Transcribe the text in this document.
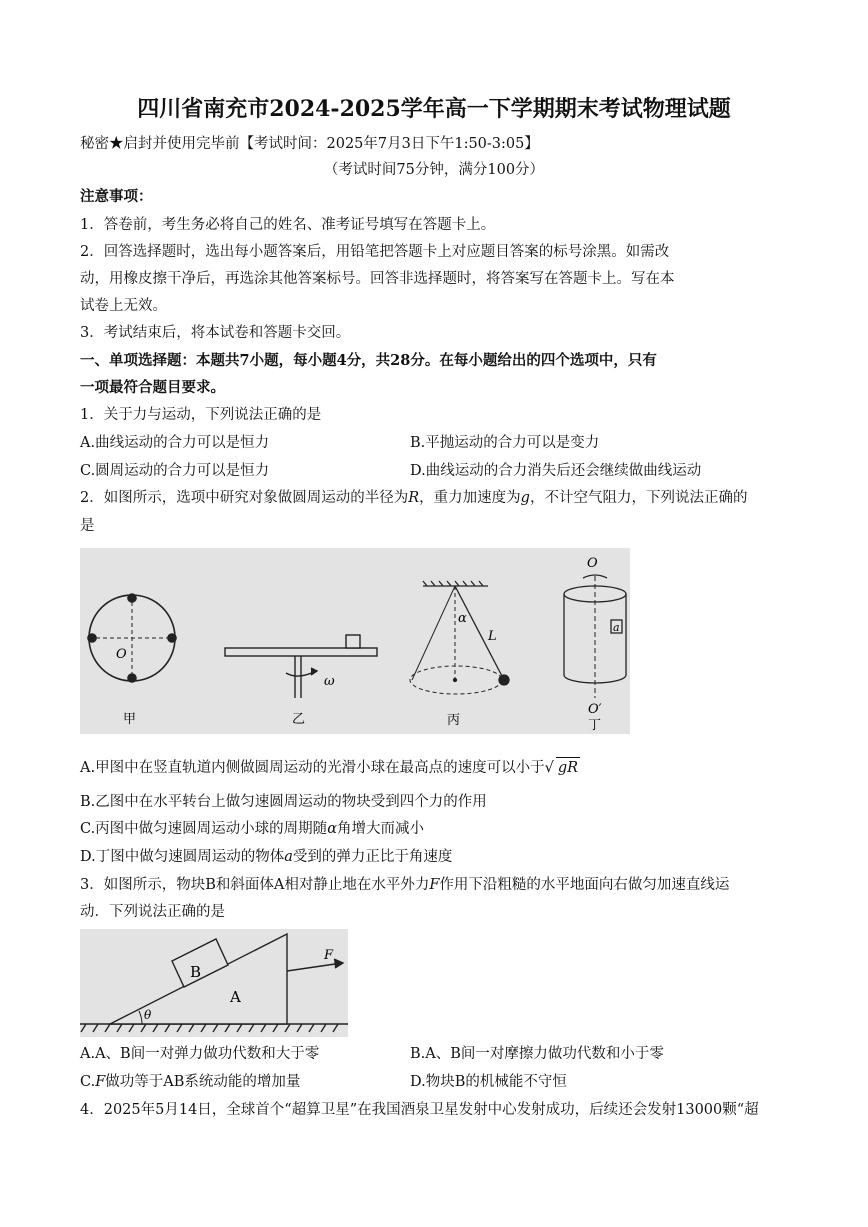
四川省南充市2024-2025学年高一下学期期末考试物理试题
秘密★启封并使用完毕前【考试时间：2025年7月3日下午1:50-3:05】
（考试时间75分钟，满分100分）
注意事项：
1．答卷前，考生务必将自己的姓名、准考证号填写在答题卡上。
2．回答选择题时，选出每小题答案后，用铅笔把答题卡上对应题目答案的标号涂黑。如需改
动，用橡皮擦干净后，再选涂其他答案标号。回答非选择题时，将答案写在答题卡上。写在本
试卷上无效。
3．考试结束后，将本试卷和答题卡交回。
一、单项选择题：本题共7小题，每小题4分，共28分。在每小题给出的四个选项中，只有
一项最符合题目要求。
1．关于力与运动，下列说法正确的是
A.曲线运动的合力可以是恒力	B.平抛运动的合力可以是变力
C.圆周运动的合力可以是恒力	D.曲线运动的合力消失后还会继续做曲线运动
2．如图所示，选项中研究对象做圆周运动的半径为R，重力加速度为g，不计空气阻力，下列说法正确的
是
O
甲
ω
乙
α
L
丙
O
a
O′
丁
A.甲图中在竖直轨道内侧做圆周运动的光滑小球在最高点的速度可以小于√ gR
B.乙图中在水平转台上做匀速圆周运动的物块受到四个力的作用
C.丙图中做匀速圆周运动小球的周期随α角增大而减小
D.丁图中做匀速圆周运动的物体a受到的弹力正比于角速度
3．如图所示，物块B和斜面体A相对静止地在水平外力F作用下沿粗糙的水平地面向右做匀加速直线运
动．下列说法正确的是
B
A
F
θ
A.A、B间一对弹力做功代数和大于零	B.A、B间一对摩擦力做功代数和小于零
C.F做功等于AB系统动能的增加量	D.物块B的机械能不守恒
4．2025年5月14日，全球首个“超算卫星”在我国酒泉卫星发射中心发射成功，后续还会发射13000颗“超
